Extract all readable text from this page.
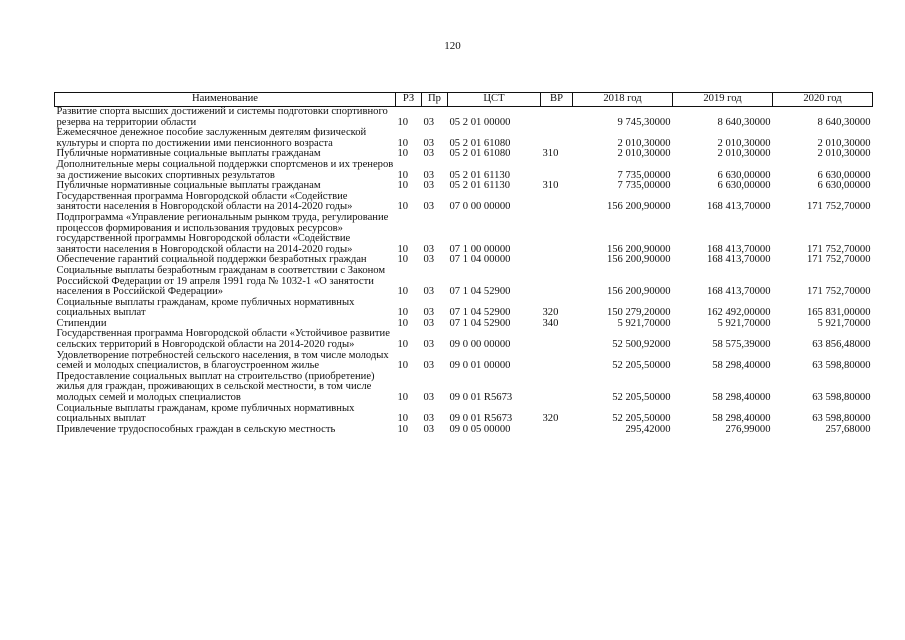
120
Наименование	РЗ	Пр	ЦСТ	ВР	2018 год	2019 год	2020 год
Развитие спорта высших достижений и системы подготовки спортивного резерва на территории области	10	03	05 2 01 00000		9 745,30000	8 640,30000	8 640,30000
Ежемесячное денежное пособие заслуженным деятелям физической культуры и спорта по достижении ими пенсионного возраста	10	03	05 2 01 61080		2 010,30000	2 010,30000	2 010,30000
Публичные нормативные социальные выплаты гражданам	10	03	05 2 01 61080	310	2 010,30000	2 010,30000	2 010,30000
Дополнительные меры социальной поддержки спортсменов и их тренеров за достижение высоких спортивных результатов	10	03	05 2 01 61130		7 735,00000	6 630,00000	6 630,00000
Публичные нормативные социальные выплаты гражданам	10	03	05 2 01 61130	310	7 735,00000	6 630,00000	6 630,00000
Государственная программа Новгородской области «Содействие занятости населения в Новгородской области на 2014-2020 годы»	10	03	07 0 00 00000		156 200,90000	168 413,70000	171 752,70000
Подпрограмма «Управление региональным рынком труда, регулирование процессов формирования и использования трудовых ресурсов» государственной программы Новгородской области «Содействие занятости населения в Новгородской области на 2014-2020 годы»	10	03	07 1 00 00000		156 200,90000	168 413,70000	171 752,70000
Обеспечение гарантий социальной поддержки безработных граждан	10	03	07 1 04 00000		156 200,90000	168 413,70000	171 752,70000
Социальные выплаты безработным гражданам в соответствии с Законом Российской Федерации от 19 апреля 1991 года № 1032-1 «О занятости населения в Российской Федерации»	10	03	07 1 04 52900		156 200,90000	168 413,70000	171 752,70000
Социальные выплаты гражданам, кроме публичных нормативных социальных выплат	10	03	07 1 04 52900	320	150 279,20000	162 492,00000	165 831,00000
Стипендии	10	03	07 1 04 52900	340	5 921,70000	5 921,70000	5 921,70000
Государственная программа Новгородской области «Устойчивое развитие сельских территорий в Новгородской области на 2014-2020 годы»	10	03	09 0 00 00000		52 500,92000	58 575,39000	63 856,48000
Удовлетворение потребностей сельского населения, в том числе молодых семей и молодых специалистов, в благоустроенном жилье	10	03	09 0 01 00000		52 205,50000	58 298,40000	63 598,80000
Предоставление социальных выплат на строительство (приобретение) жилья для граждан, проживающих в сельской местности, в том числе молодых семей и молодых специалистов	10	03	09 0 01 R5673		52 205,50000	58 298,40000	63 598,80000
Социальные выплаты гражданам, кроме публичных нормативных социальных выплат	10	03	09 0 01 R5673	320	52 205,50000	58 298,40000	63 598,80000
Привлечение трудоспособных граждан в сельскую местность	10	03	09 0 05 00000		295,42000	276,99000	257,68000
